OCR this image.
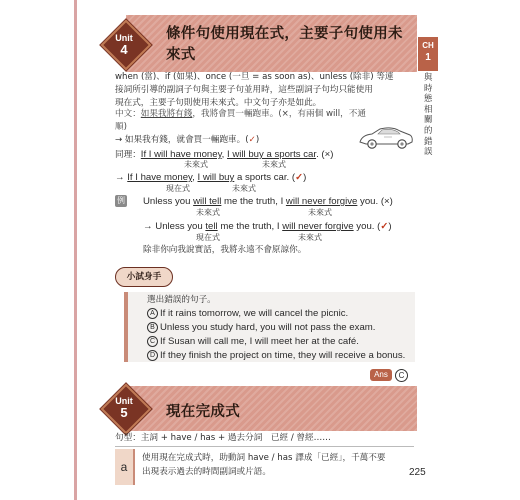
CH
1
與時態相關的錯誤
Unit
4
條件句使用現在式，主要子句使用未
來式
when (當)、if (如果)、once (一旦 = as soon as)、unless (除非) 等連
接詞所引導的副詞子句與主要子句並用時，這些副詞子句均只能使用
現在式，主要子句則使用未來式。中文句子亦是如此。
中文：如果我將有錢，我將會買一輛跑車。(×，有兩個 will，不通
順)
→ 如果我有錢，就會買一輛跑車。(✓)
同理：If I will have money, I will buy a sports car. (×)
未來式	未來式
→ If I have money, I will buy a sports car. (✓)
現在式	未來式
例 Unless you will tell me the truth, I will never forgive you. (×)
未來式	未來式
→ Unless you tell me the truth, I will never forgive you. (✓)
現在式	未來式
除非你向我說實話，我將永遠不會原諒你。
小試身手
選出錯誤的句子。
A If it rains tomorrow, we will cancel the picnic.
B Unless you study hard, you will not pass the exam.
C If Susan will call me, I will meet her at the café.
D If they finish the project on time, they will receive a bonus.
Ans	C
Unit
5	現在完成式
句型：主詞 + have / has + 過去分詞　已經 / 曾經……
a
使用現在完成式時，助動詞 have / has 譯成「已經」，千萬不要
出現表示過去的時間副詞或片語。	225
